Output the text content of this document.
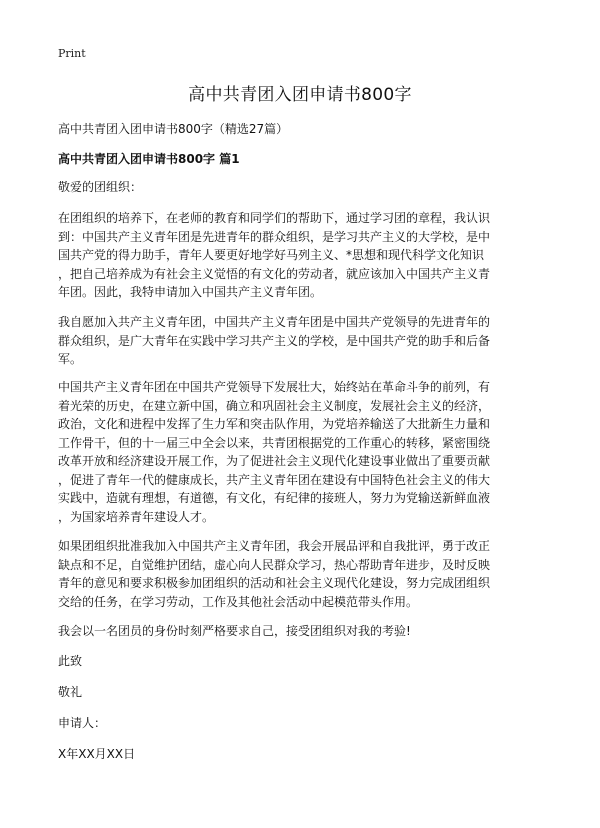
Print
高中共青团入团申请书800字
高中共青团入团申请书800字（精选27篇）
高中共青团入团申请书800字 篇1

敬爱的团组织：

在团组织的培养下，在老师的教育和同学们的帮助下，通过学习团的章程，我认识
到：中国共产主义青年团是先进青年的群众组织，是学习共产主义的大学校，是中
国共产党的得力助手，青年人要更好地学好马列主义、*思想和现代科学文化知识
，把自己培养成为有社会主义觉悟的有文化的劳动者，就应该加入中国共产主义青
年团。因此，我特申请加入中国共产主义青年团。

我自愿加入共产主义青年团，中国共产主义青年团是中国共产党领导的先进青年的
群众组织，是广大青年在实践中学习共产主义的学校，是中国共产党的助手和后备
军。

中国共产主义青年团在中国共产党领导下发展壮大，始终站在革命斗争的前列，有
着光荣的历史，在建立新中国，确立和巩固社会主义制度，发展社会主义的经济，
政治，文化和进程中发挥了生力军和突击队作用，为党培养输送了大批新生力量和
工作骨干，但的十一届三中全会以来，共青团根据党的工作重心的转移，紧密围绕
改革开放和经济建设开展工作，为了促进社会主义现代化建设事业做出了重要贡献
，促进了青年一代的健康成长，共产主义青年团在建设有中国特色社会主义的伟大
实践中，造就有理想，有道德，有文化，有纪律的接班人，努力为党输送新鲜血液
，为国家培养青年建设人才。

如果团组织批准我加入中国共产主义青年团，我会开展品评和自我批评，勇于改正
缺点和不足，自觉维护团结，虚心向人民群众学习，热心帮助青年进步，及时反映
青年的意见和要求积极参加团组织的活动和社会主义现代化建设，努力完成团组织
交给的任务，在学习劳动，工作及其他社会活动中起模范带头作用。

我会以一名团员的身份时刻严格要求自己，接受团组织对我的考验!

此致

敬礼

申请人：

X年XX月XX日
